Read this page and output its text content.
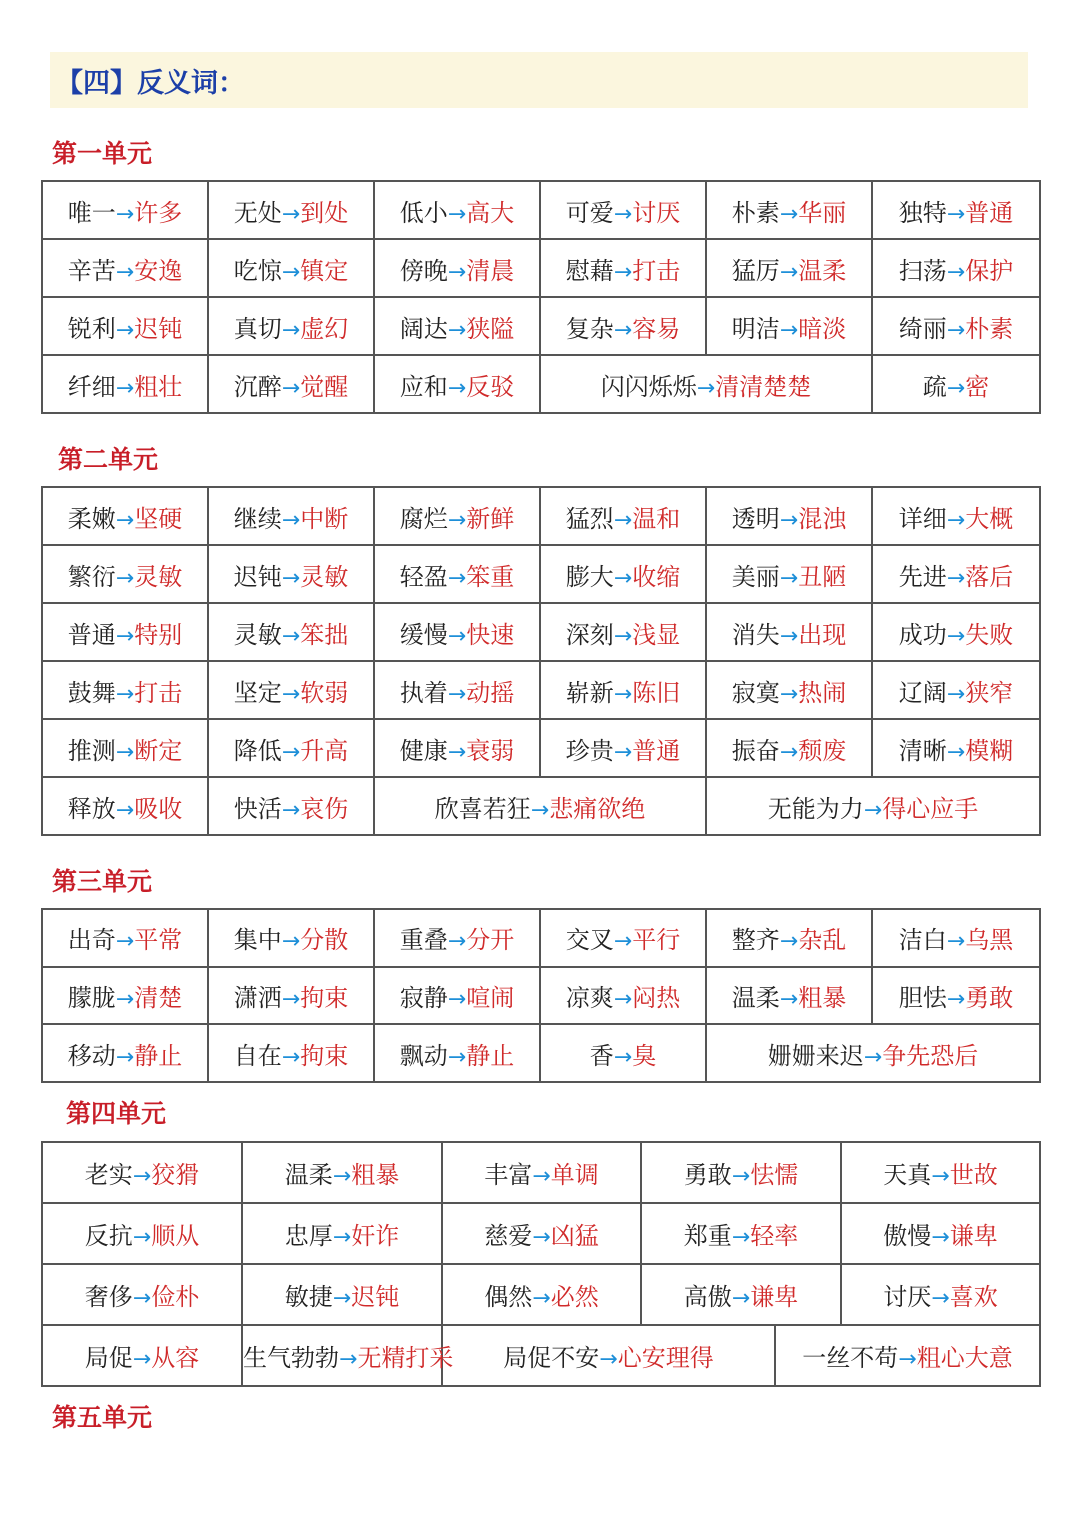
【四】反义词：
第一单元
唯一→许多	无处→到处	低小→高大	可爱→讨厌	朴素→华丽	独特→普通
辛苦→安逸	吃惊→镇定	傍晚→清晨	慰藉→打击	猛厉→温柔	扫荡→保护
锐利→迟钝	真切→虚幻	阔达→狭隘	复杂→容易	明洁→暗淡	绮丽→朴素
纤细→粗壮	沉醉→觉醒	应和→反驳	闪闪烁烁→清清楚楚		疏→密
第二单元
柔嫩→坚硬	继续→中断	腐烂→新鲜	猛烈→温和	透明→混浊	详细→大概
繁衍→灵敏	迟钝→灵敏	轻盈→笨重	膨大→收缩	美丽→丑陋	先进→落后
普通→特别	灵敏→笨拙	缓慢→快速	深刻→浅显	消失→出现	成功→失败
鼓舞→打击	坚定→软弱	执着→动摇	崭新→陈旧	寂寞→热闹	辽阔→狭窄
推测→断定	降低→升高	健康→衰弱	珍贵→普通	振奋→颓废	清晰→模糊
释放→吸收	快活→哀伤	欣喜若狂→悲痛欲绝		无能为力→得心应手	
第三单元
出奇→平常	集中→分散	重叠→分开	交叉→平行	整齐→杂乱	洁白→乌黑
朦胧→清楚	潇洒→拘束	寂静→喧闹	凉爽→闷热	温柔→粗暴	胆怯→勇敢
移动→静止	自在→拘束	飘动→静止	香→臭	姗姗来迟→争先恐后	
第四单元
老实→狡猾	温柔→粗暴	丰富→单调	勇敢→怯懦		天真→世故
反抗→顺从	忠厚→奸诈	慈爱→凶猛	郑重→轻率		傲慢→谦卑
奢侈→俭朴	敏捷→迟钝	偶然→必然	高傲→谦卑		讨厌→喜欢
局促→从容	生气勃勃→无精打采	局促不安→心安理得		一丝不苟→粗心大意	
第五单元
